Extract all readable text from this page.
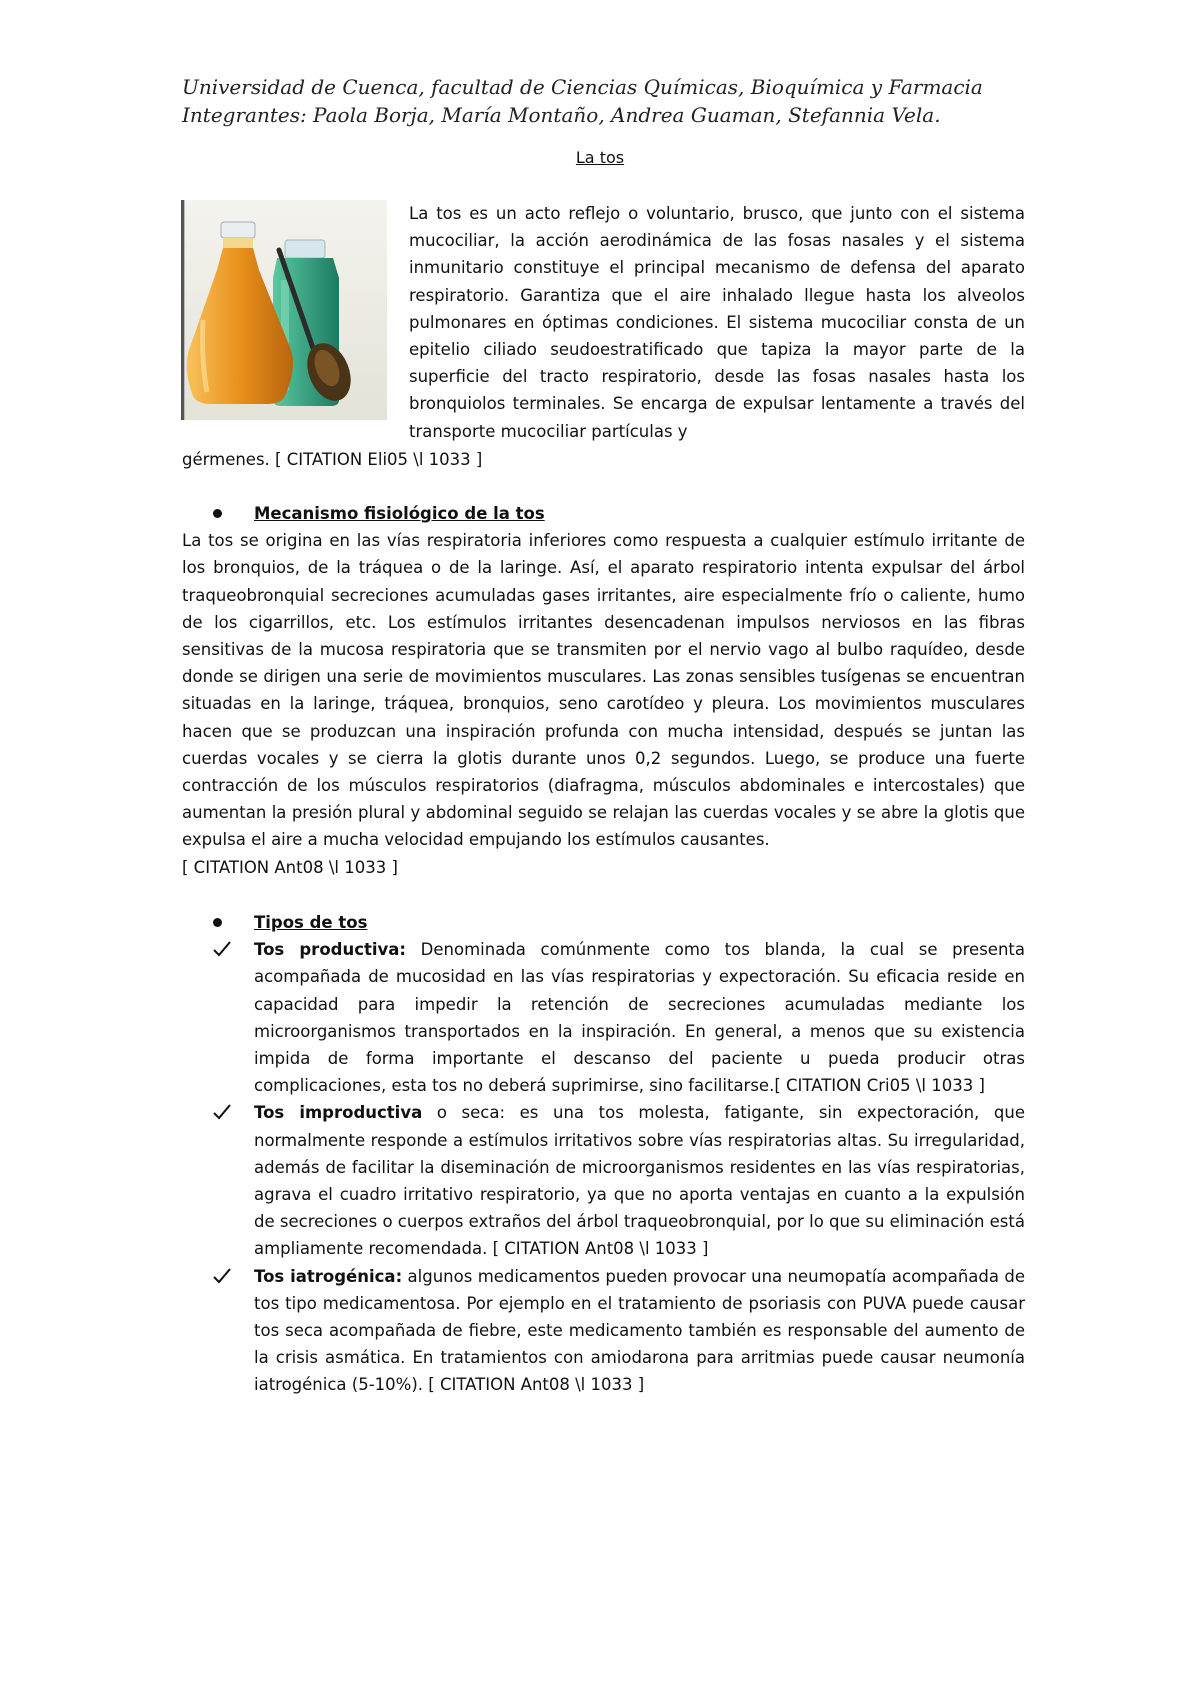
Universidad de Cuenca, facultad de Ciencias Químicas, Bioquímica y Farmacia
Integrantes: Paola Borja, María Montaño, Andrea Guaman, Stefannia Vela.
La tos
La tos es un acto reflejo o voluntario, brusco, que junto con el sistema mucociliar, la acción aerodinámica de las fosas nasales y el sistema inmunitario constituye el principal mecanismo de defensa del aparato respiratorio. Garantiza que el aire inhalado llegue hasta los alveolos pulmonares en óptimas condiciones. El sistema mucociliar consta de un epitelio ciliado seudoestratificado que tapiza la mayor parte de la superficie del tracto respiratorio, desde las fosas nasales hasta los bronquiolos terminales. Se encarga de expulsar lentamente a través del transporte mucociliar partículas y
gérmenes. [ CITATION Eli05 \l 1033 ]
Mecanismo fisiológico de la tos
La tos se origina en las vías respiratoria inferiores como respuesta a cualquier estímulo irritante de los bronquios, de la tráquea o de la laringe. Así, el aparato respiratorio intenta expulsar del árbol traqueobronquial secreciones acumuladas gases irritantes, aire especialmente frío o caliente, humo de los cigarrillos, etc. Los estímulos irritantes desencadenan impulsos nerviosos en las fibras sensitivas de la mucosa respiratoria que se transmiten por el nervio vago al bulbo raquídeo, desde donde se dirigen una serie de movimientos musculares. Las zonas sensibles tusígenas se encuentran situadas en la laringe, tráquea, bronquios, seno carotídeo y pleura. Los movimientos musculares hacen que se produzcan una inspiración profunda con mucha intensidad, después se juntan las cuerdas vocales y se cierra la glotis durante unos 0,2 segundos. Luego, se produce una fuerte contracción de los músculos respiratorios (diafragma, músculos abdominales e intercostales) que aumentan la presión plural y abdominal seguido se relajan las cuerdas vocales y se abre la glotis que expulsa el aire a mucha velocidad empujando los estímulos causantes.
[ CITATION Ant08 \l 1033 ]
Tipos de tos
Tos productiva: Denominada comúnmente como tos blanda, la cual se presenta acompañada de mucosidad en las vías respiratorias y expectoración. Su eficacia reside en capacidad para impedir la retención de secreciones acumuladas mediante los microorganismos transportados en la inspiración. En general, a menos que su existencia impida de forma importante el descanso del paciente u pueda producir otras complicaciones, esta tos no deberá suprimirse, sino facilitarse.[ CITATION Cri05 \l 1033 ]
Tos improductiva o seca: es una tos molesta, fatigante, sin expectoración, que normalmente responde a estímulos irritativos sobre vías respiratorias altas. Su irregularidad, además de facilitar la diseminación de microorganismos residentes en las vías respiratorias, agrava el cuadro irritativo respiratorio, ya que no aporta ventajas en cuanto a la expulsión de secreciones o cuerpos extraños del árbol traqueobronquial, por lo que su eliminación está ampliamente recomendada. [ CITATION Ant08 \l 1033 ]
Tos iatrogénica: algunos medicamentos pueden provocar una neumopatía acompañada de tos tipo medicamentosa. Por ejemplo en el tratamiento de psoriasis con PUVA puede causar tos seca acompañada de fiebre, este medicamento también es responsable del aumento de la crisis asmática. En tratamientos con amiodarona para arritmias puede causar neumonía iatrogénica (5-10%). [ CITATION Ant08 \l 1033 ]
